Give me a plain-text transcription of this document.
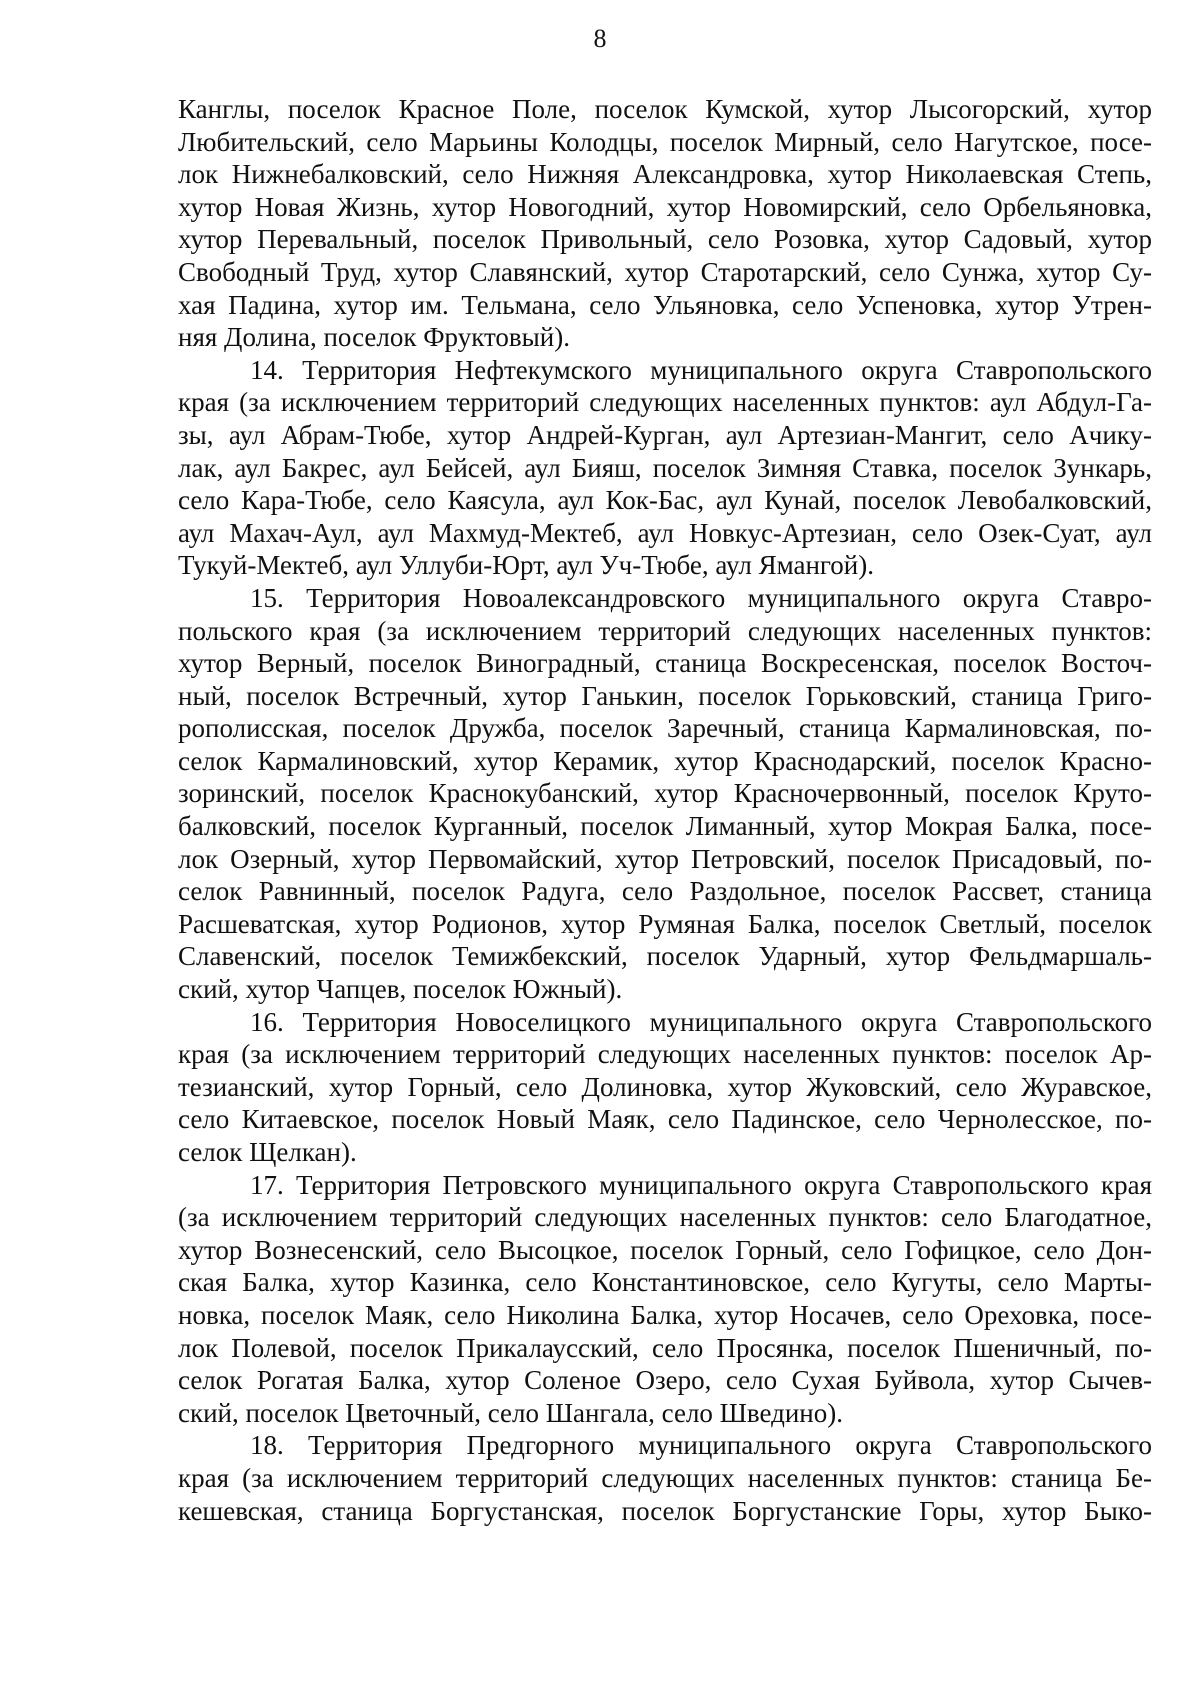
8
Канглы, поселок Красное Поле, поселок Кумской, хутор Лысогорский, хутор
Любительский, село Марьины Колодцы, поселок Мирный, село Нагутское, посе-
лок Нижнебалковский, село Нижняя Александровка, хутор Николаевская Степь,
хутор Новая Жизнь, хутор Новогодний, хутор Новомирский, село Орбельяновка,
хутор Перевальный, поселок Привольный, село Розовка, хутор Садовый, хутор
Свободный Труд, хутор Славянский, хутор Старотарский, село Сунжа, хутор Су-
хая Падина, хутор им. Тельмана, село Ульяновка, село Успеновка, хутор Утрен-
няя Долина, поселок Фруктовый).
14. Территория Нефтекумского муниципального округа Ставропольского
края (за исключением территорий следующих населенных пунктов: аул Абдул-Га-
зы, аул Абрам-Тюбе, хутор Андрей-Курган, аул Артезиан-Мангит, село Ачику-
лак, аул Бакрес, аул Бейсей, аул Бияш, поселок Зимняя Ставка, поселок Зункарь,
село Кара-Тюбе, село Каясула, аул Кок-Бас, аул Кунай, поселок Левобалковский,
аул Махач-Аул, аул Махмуд-Мектеб, аул Новкус-Артезиан, село Озек-Суат, аул
Тукуй-Мектеб, аул Уллуби-Юрт, аул Уч-Тюбе, аул Ямангой).
15. Территория Новоалександровского муниципального округа Ставро-
польского края (за исключением территорий следующих населенных пунктов:
хутор Верный, поселок Виноградный, станица Воскресенская, поселок Восточ-
ный, поселок Встречный, хутор Ганькин, поселок Горьковский, станица Григо-
рополисская, поселок Дружба, поселок Заречный, станица Кармалиновская, по-
селок Кармалиновский, хутор Керамик, хутор Краснодарский, поселок Красно-
зоринский, поселок Краснокубанский, хутор Красночервонный, поселок Круто-
балковский, поселок Курганный, поселок Лиманный, хутор Мокрая Балка, посе-
лок Озерный, хутор Первомайский, хутор Петровский, поселок Присадовый, по-
селок Равнинный, поселок Радуга, село Раздольное, поселок Рассвет, станица
Расшеватская, хутор Родионов, хутор Румяная Балка, поселок Светлый, поселок
Славенский, поселок Темижбекский, поселок Ударный, хутор Фельдмаршаль-
ский, хутор Чапцев, поселок Южный).
16. Территория Новоселицкого муниципального округа Ставропольского
края (за исключением территорий следующих населенных пунктов: поселок Ар-
тезианский, хутор Горный, село Долиновка, хутор Жуковский, село Журавское,
село Китаевское, поселок Новый Маяк, село Падинское, село Чернолесское, по-
селок Щелкан).
17. Территория Петровского муниципального округа Ставропольского края
(за исключением территорий следующих населенных пунктов: село Благодатное,
хутор Вознесенский, село Высоцкое, поселок Горный, село Гофицкое, село Дон-
ская Балка, хутор Казинка, село Константиновское, село Кугуты, село Марты-
новка, поселок Маяк, село Николина Балка, хутор Носачев, село Ореховка, посе-
лок Полевой, поселок Прикалаусский, село Просянка, поселок Пшеничный, по-
селок Рогатая Балка, хутор Соленое Озеро, село Сухая Буйвола, хутор Сычев-
ский, поселок Цветочный, село Шангала, село Шведино).
18. Территория Предгорного муниципального округа Ставропольского
края (за исключением территорий следующих населенных пунктов: станица Бе-
кешевская, станица Боргустанская, поселок Боргустанские Горы, хутор Быко-
